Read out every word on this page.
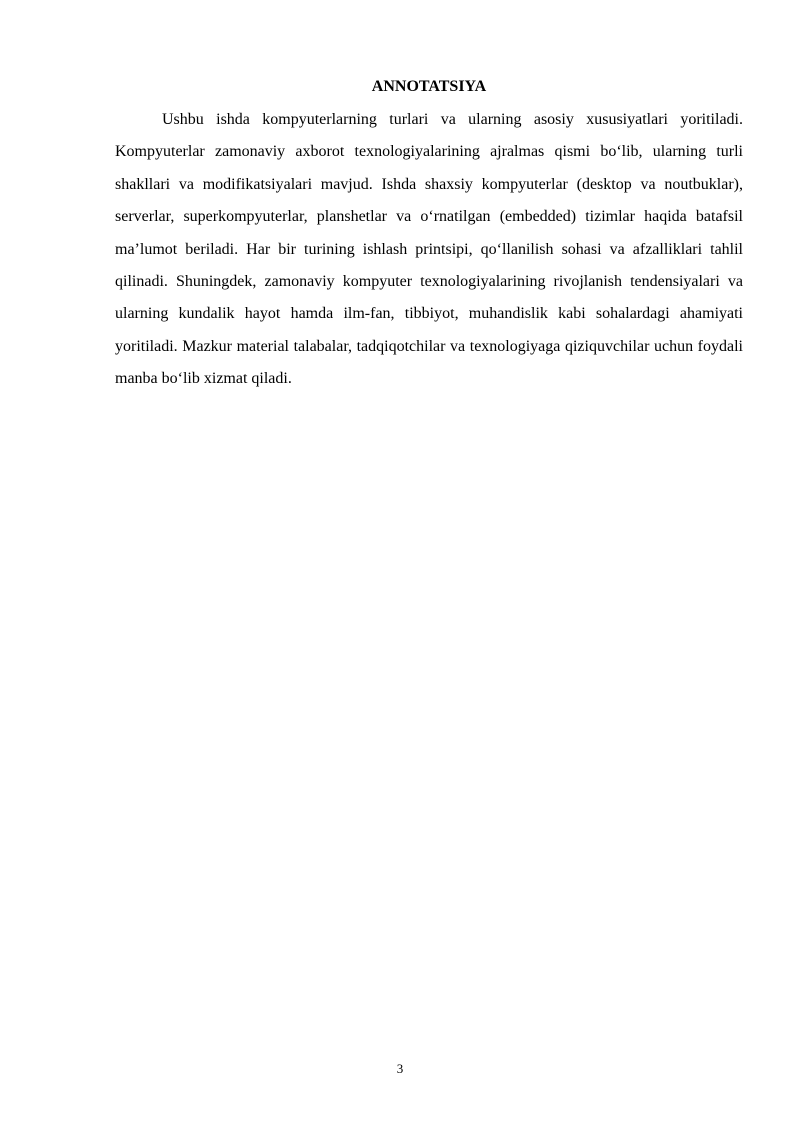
ANNOTATSIYA

Ushbu ishda kompyuterlarning turlari va ularning asosiy xususiyatlari yoritiladi. Kompyuterlar zamonaviy axborot texnologiyalarining ajralmas qismi bo‘lib, ularning turli shakllari va modifikatsiyalari mavjud. Ishda shaxsiy kompyuterlar (desktop va noutbuklar), serverlar, superkompyuterlar, planshetlar va o‘rnatilgan (embedded) tizimlar haqida batafsil ma’lumot beriladi. Har bir turining ishlash printsipi, qo‘llanilish sohasi va afzalliklari tahlil qilinadi. Shuningdek, zamonaviy kompyuter texnologiyalarining rivojlanish tendensiyalari va ularning kundalik hayot hamda ilm-fan, tibbiyot, muhandislik kabi sohalardagi ahamiyati yoritiladi. Mazkur material talabalar, tadqiqotchilar va texnologiyaga qiziquvchilar uchun foydali manba bo‘lib xizmat qiladi.

3
